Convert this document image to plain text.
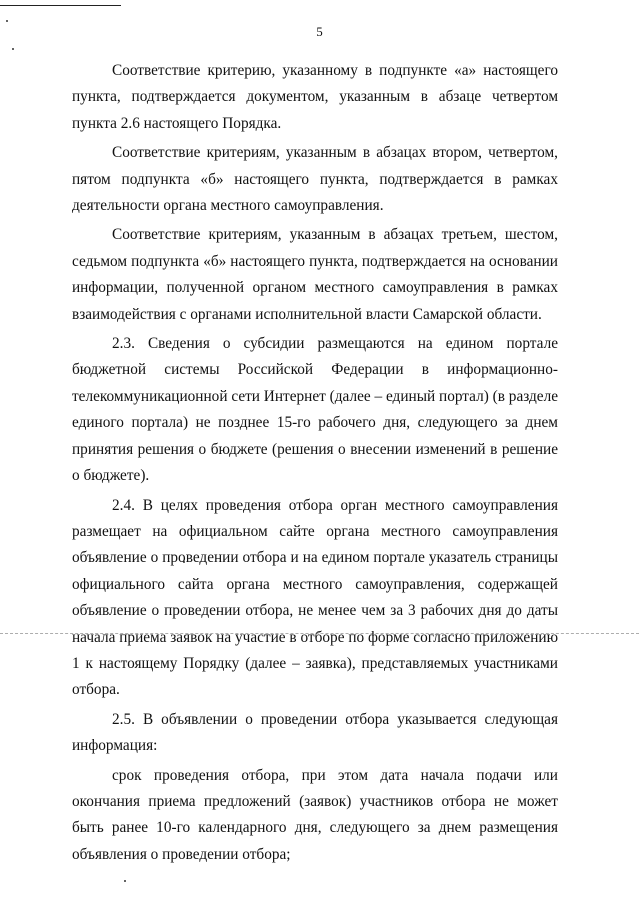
5

Соответствие критерию, указанному в подпункте «а» настоящего пункта, подтверждается документом, указанным в абзаце четвертом пункта 2.6 настоящего Порядка.

Соответствие критериям, указанным в абзацах втором, четвертом, пятом подпункта «б» настоящего пункта, подтверждается в рамках деятельности органа местного самоуправления.

Соответствие критериям, указанным в абзацах третьем, шестом, седьмом подпункта «б» настоящего пункта, подтверждается на основании информации, полученной органом местного самоуправления в рамках взаимодействия с органами исполнительной власти Самарской области.

2.3. Сведения о субсидии размещаются на едином портале бюджетной системы Российской Федерации в информационно-телекоммуникационной сети Интернет (далее – единый портал) (в разделе единого портала) не позднее 15-го рабочего дня, следующего за днем принятия решения о бюджете (решения о внесении изменений в решение о бюджете).

2.4. В целях проведения отбора орган местного самоуправления размещает на официальном сайте органа местного самоуправления объявление о проведении отбора и на едином портале указатель страницы официального сайта органа местного самоуправления, содержащей объявление о проведении отбора, не менее чем за 3 рабочих дня до даты начала приема заявок на участие в отборе по форме согласно приложению 1 к настоящему Порядку (далее – заявка), представляемых участниками отбора.

2.5. В объявлении о проведении отбора указывается следующая информация:

срок проведения отбора, при этом дата начала подачи или окончания приема предложений (заявок) участников отбора не может быть ранее 10-го календарного дня, следующего за днем размещения объявления о проведении отбора;
